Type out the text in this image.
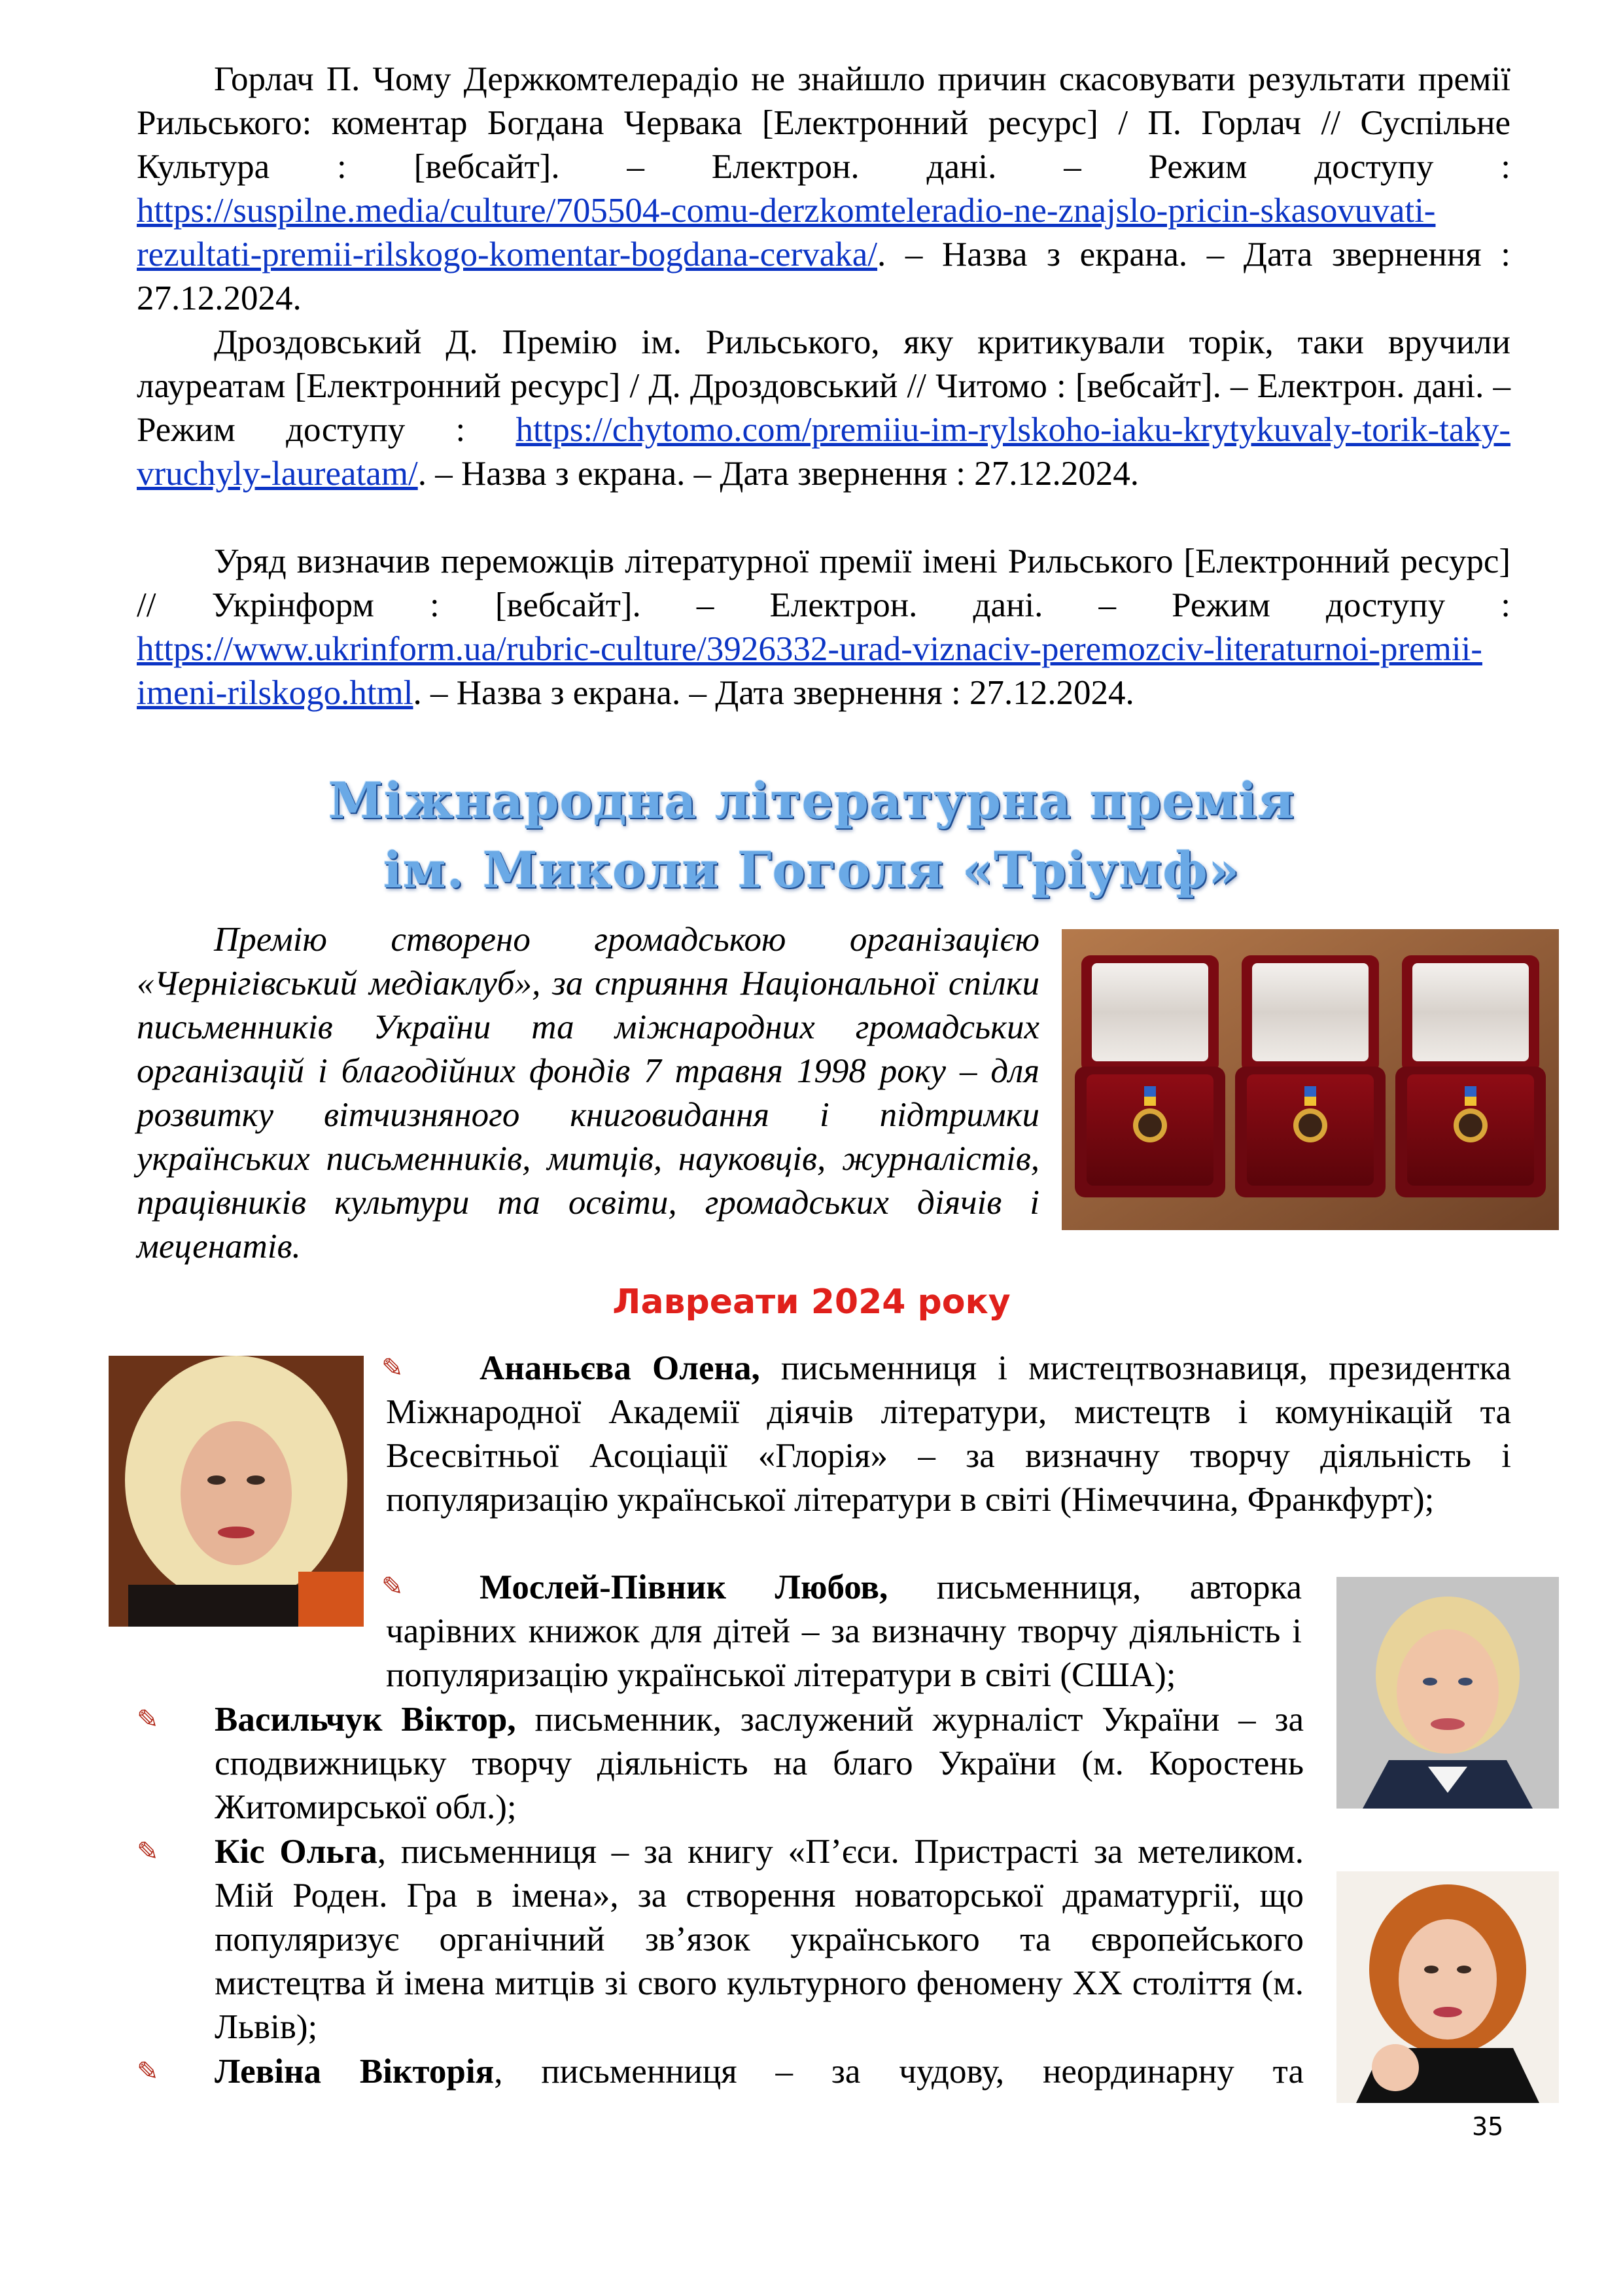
Горлач П. Чому Держкомтелерадіо не знайшло причин скасовувати результати премії Рильського: коментар Богдана Червака [Електронний ресурс] / П. Горлач // Суспільне Культура : [вебсайт]. – Електрон. дані. – Режим доступу : https://suspilne.media/culture/705504-comu-derzkomteleradio-ne-znajslo-pricin-skasovuvati-rezultati-premii-rilskogo-komentar-bogdana-cervaka/. – Назва з екрана. – Дата звернення : 27.12.2024.

Дроздовський Д. Премію ім. Рильського, яку критикували торік, таки вручили лауреатам [Електронний ресурс] / Д. Дроздовський // Читомо : [вебсайт]. – Електрон. дані. – Режим доступу : https://chytomo.com/premiiu-im-rylskoho-iaku-krytykuvaly-torik-taky-vruchyly-laureatam/. – Назва з екрана. – Дата звернення : 27.12.2024.

Уряд визначив переможців літературної премії імені Рильського [Електронний ресурс] // Укрінформ : [вебсайт]. – Електрон. дані. – Режим доступу : https://www.ukrinform.ua/rubric-culture/3926332-urad-viznaciv-peremozciv-literaturnoi-premii-imeni-rilskogo.html. – Назва з екрана. – Дата звернення : 27.12.2024.

Міжнародна літературна премія
ім. Миколи Гоголя «Тріумф»

Премію створено громадською організацією «Чернігівський медіаклуб», за сприяння Національної спілки письменників України та міжнародних громадських організацій і благодійних фондів 7 травня 1998 року – для розвитку вітчизняного книговидання і підтримки українських письменників, митців, науковців, журналістів, працівників культури та освіти, громадських діячів і меценатів.

Лавреати 2024 року
✎
✎
✎
✎
✎

Ананьєва Олена, письменниця і мистецтвознавиця, президентка Міжнародної Академії діячів літератури, мистецтв і комунікацій та Всесвітньої Асоціації «Глорія» – за визначну творчу діяльність і популяризацію української літератури в світі (Німеччина, Франкфурт);

Мослей-Півник Любов, письменниця, авторка чарівних книжок для дітей – за визначну творчу діяльність і популяризацію української літератури в світі (США);

Васильчук Віктор, письменник, заслужений журналіст України – за сподвижницьку творчу діяльність на благо України (м. Коростень Житомирської обл.);

Кіс Ольга, письменниця – за книгу «П’єси. Пристрасті за метеликом. Мій Роден. Гра в імена», за створення новаторської драматургії, що популяризує органічний зв’язок українського та європейського мистецтва й імена митців зі свого культурного феномену ХХ століття (м. Львів);

Левіна Вікторія, письменниця – за чудову, неординарну та

35
